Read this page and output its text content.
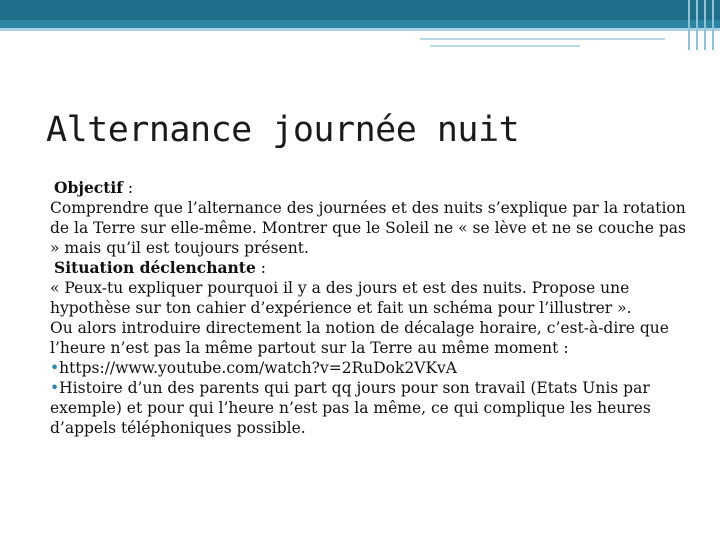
Alternance journée nuit

Objectif :

Comprendre que l’alternance des journées et des nuits s’explique par la rotation de la Terre sur elle-même. Montrer que le Soleil ne « se lève et ne se couche pas » mais qu’il est toujours présent.

Situation déclenchante :

« Peux-tu expliquer pourquoi il y a des jours et est des nuits. Propose une hypothèse sur ton cahier d’expérience et fait un schéma pour l’illustrer ».

Ou alors introduire directement la notion de décalage horaire, c’est-à-dire que l’heure n’est pas la même partout sur la Terre au même moment :

•https://www.youtube.com/watch?v=2RuDok2VKvA

•Histoire d’un des parents qui part qq jours pour son travail (Etats Unis par exemple) et pour qui l’heure n’est pas la même, ce qui complique les heures d’appels téléphoniques possible.
